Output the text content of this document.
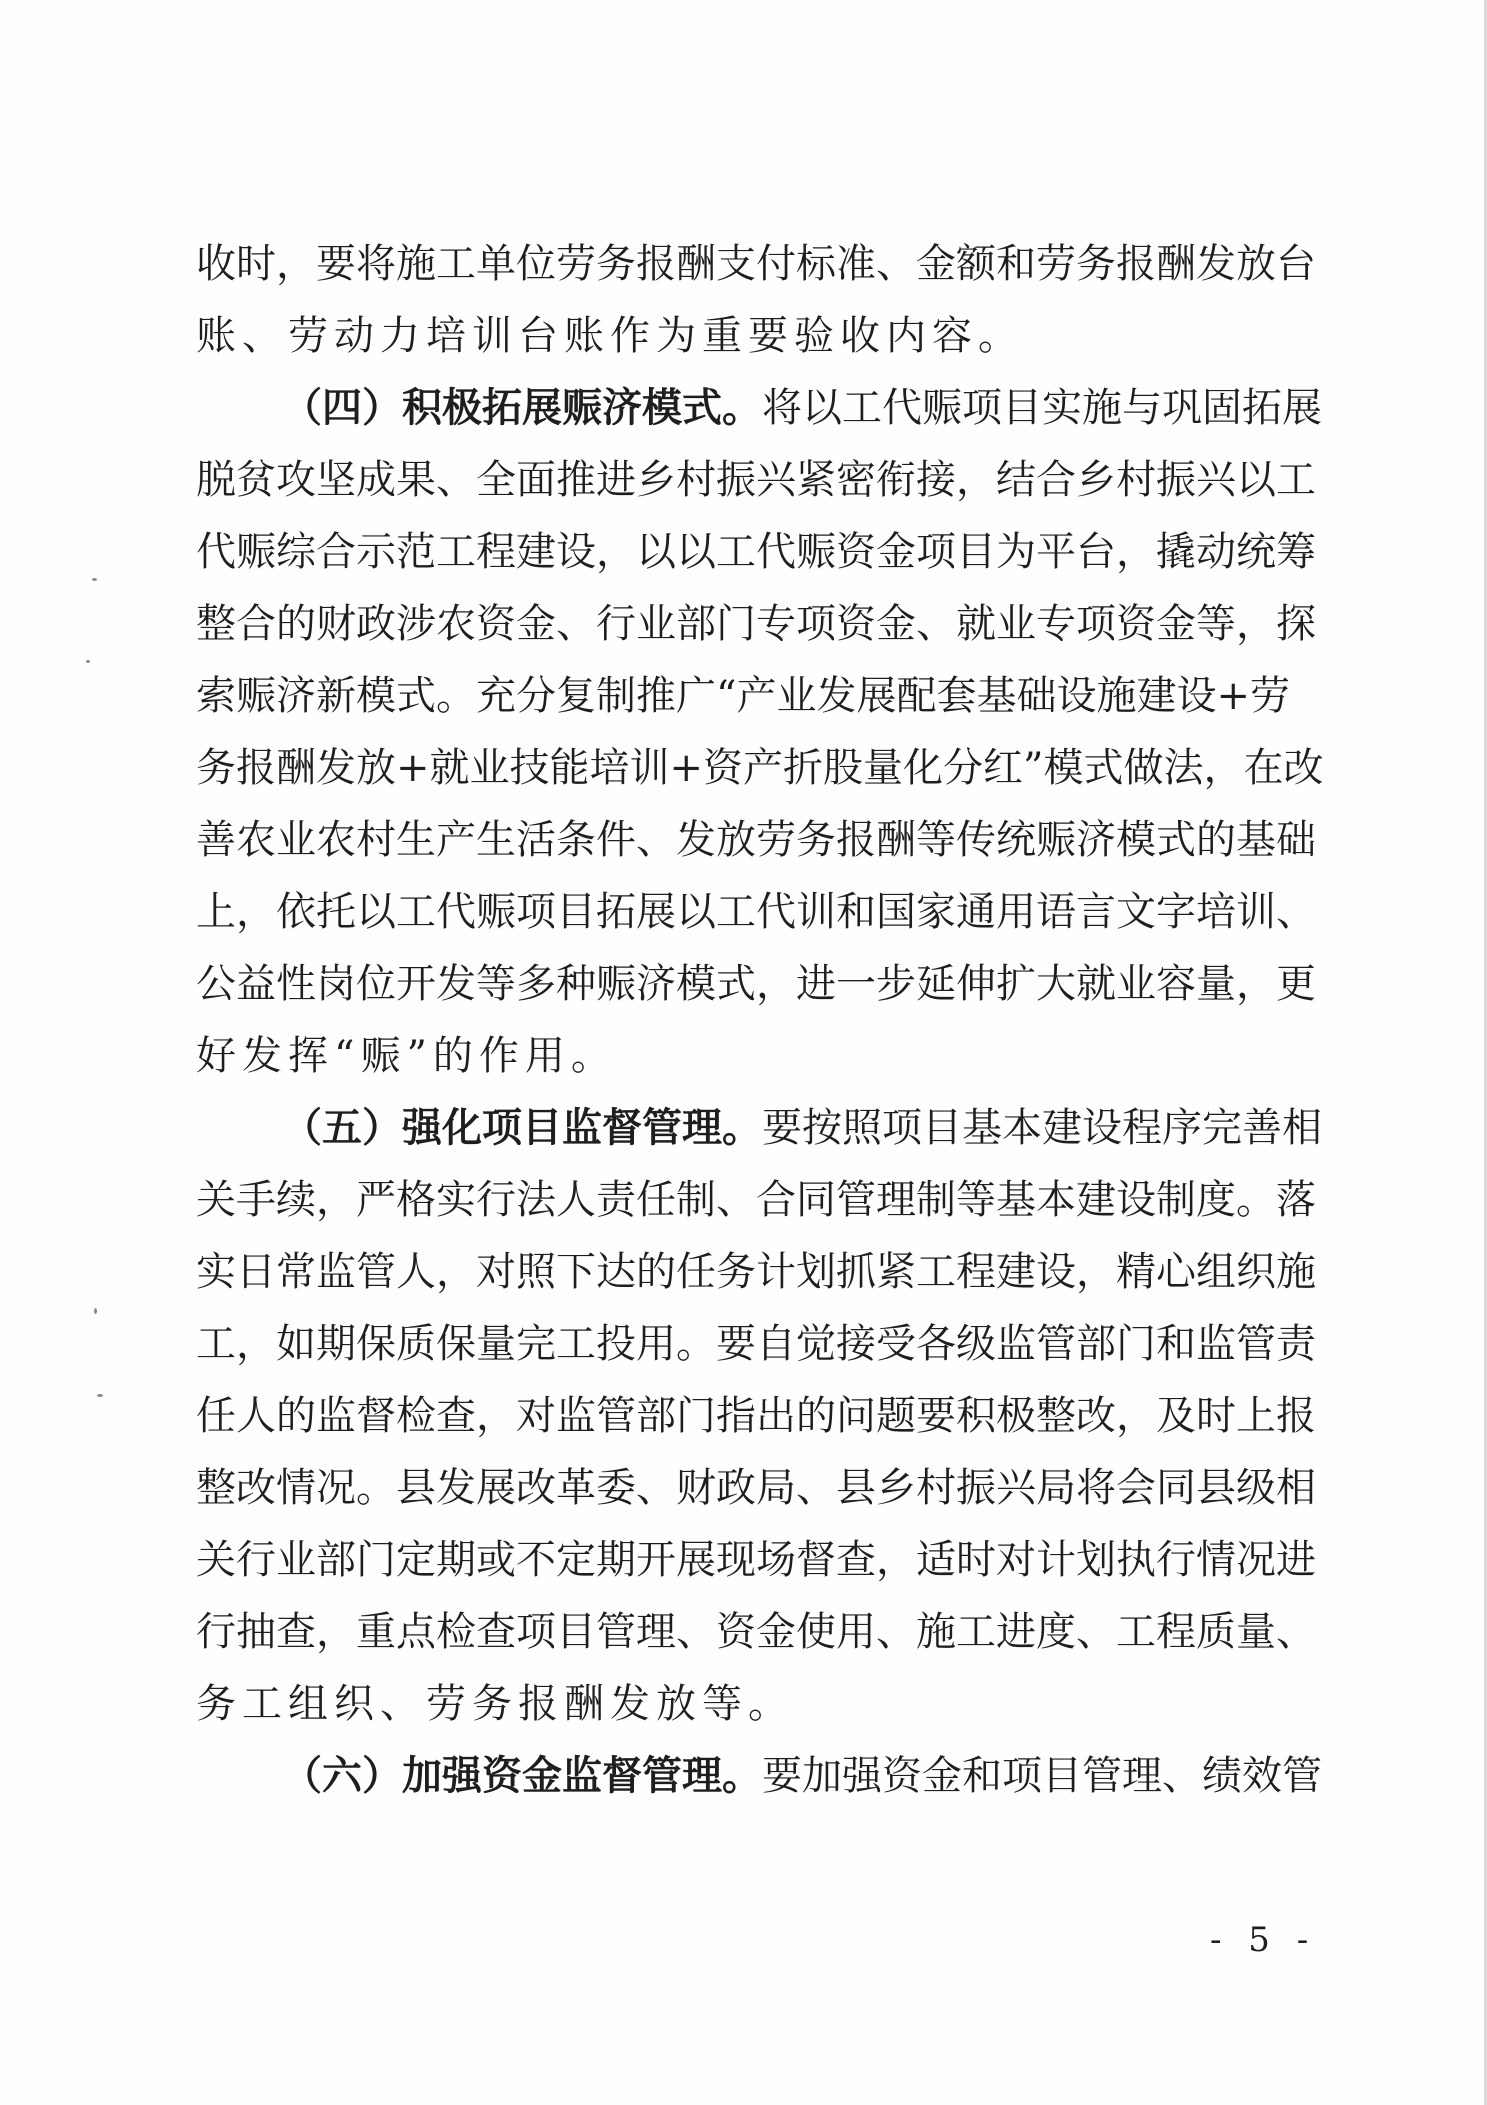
收 时 ， 要 将 施 工 单 位 劳 务 报 酬 支 付 标 准 、 金 额 和 劳 务 报 酬 发 放 台
账、劳动力培训台账作为重要验收内容。
（ 四 ） 积 极 拓 展 赈 济 模 式 。 将 以 工 代 赈 项 目 实 施 与 巩 固 拓 展
脱 贫 攻 坚 成 果 、 全 面 推 进 乡 村 振 兴 紧 密 衔 接 ， 结 合 乡 村 振 兴 以 工
代 赈 综 合 示 范 工 程 建 设 ， 以 以 工 代 赈 资 金 项 目 为 平 台 ， 撬 动 统 筹
整 合 的 财 政 涉 农 资 金 、 行 业 部 门 专 项 资 金 、 就 业 专 项 资 金 等 ， 探
索 赈 济 新 模 式 。 充 分 复 制 推 广 “ 产 业 发 展 配 套 基 础 设 施 建 设 + 劳
务 报 酬 发 放 + 就 业 技 能 培 训 + 资 产 折 股 量 化 分 红 ” 模 式 做 法 ， 在 改
善 农 业 农 村 生 产 生 活 条 件 、 发 放 劳 务 报 酬 等 传 统 赈 济 模 式 的 基 础
上 ， 依 托 以 工 代 赈 项 目 拓 展 以 工 代 训 和 国 家 通 用 语 言 文 字 培 训 、
公 益 性 岗 位 开 发 等 多 种 赈 济 模 式 ， 进 一 步 延 伸 扩 大 就 业 容 量 ， 更
好发挥“赈”的作用。
（ 五 ） 强 化 项 目 监 督 管 理 。 要 按 照 项 目 基 本 建 设 程 序 完 善 相
关 手 续 ， 严 格 实 行 法 人 责 任 制 、 合 同 管 理 制 等 基 本 建 设 制 度 。 落
实 日 常 监 管 人 ， 对 照 下 达 的 任 务 计 划 抓 紧 工 程 建 设 ， 精 心 组 织 施
工 ， 如 期 保 质 保 量 完 工 投 用 。 要 自 觉 接 受 各 级 监 管 部 门 和 监 管 责
任 人 的 监 督 检 查 ， 对 监 管 部 门 指 出 的 问 题 要 积 极 整 改 ， 及 时 上 报
整 改 情 况 。 县 发 展 改 革 委 、 财 政 局 、 县 乡 村 振 兴 局 将 会 同 县 级 相
关 行 业 部 门 定 期 或 不 定 期 开 展 现 场 督 查 ， 适 时 对 计 划 执 行 情 况 进
行 抽 查 ， 重 点 检 查 项 目 管 理 、 资 金 使 用 、 施 工 进 度 、 工 程 质 量 、
务工组织、劳务报酬发放等。
（ 六 ） 加 强 资 金 监 督 管 理 。 要 加 强 资 金 和 项 目 管 理 、 绩 效 管
- 5 -
